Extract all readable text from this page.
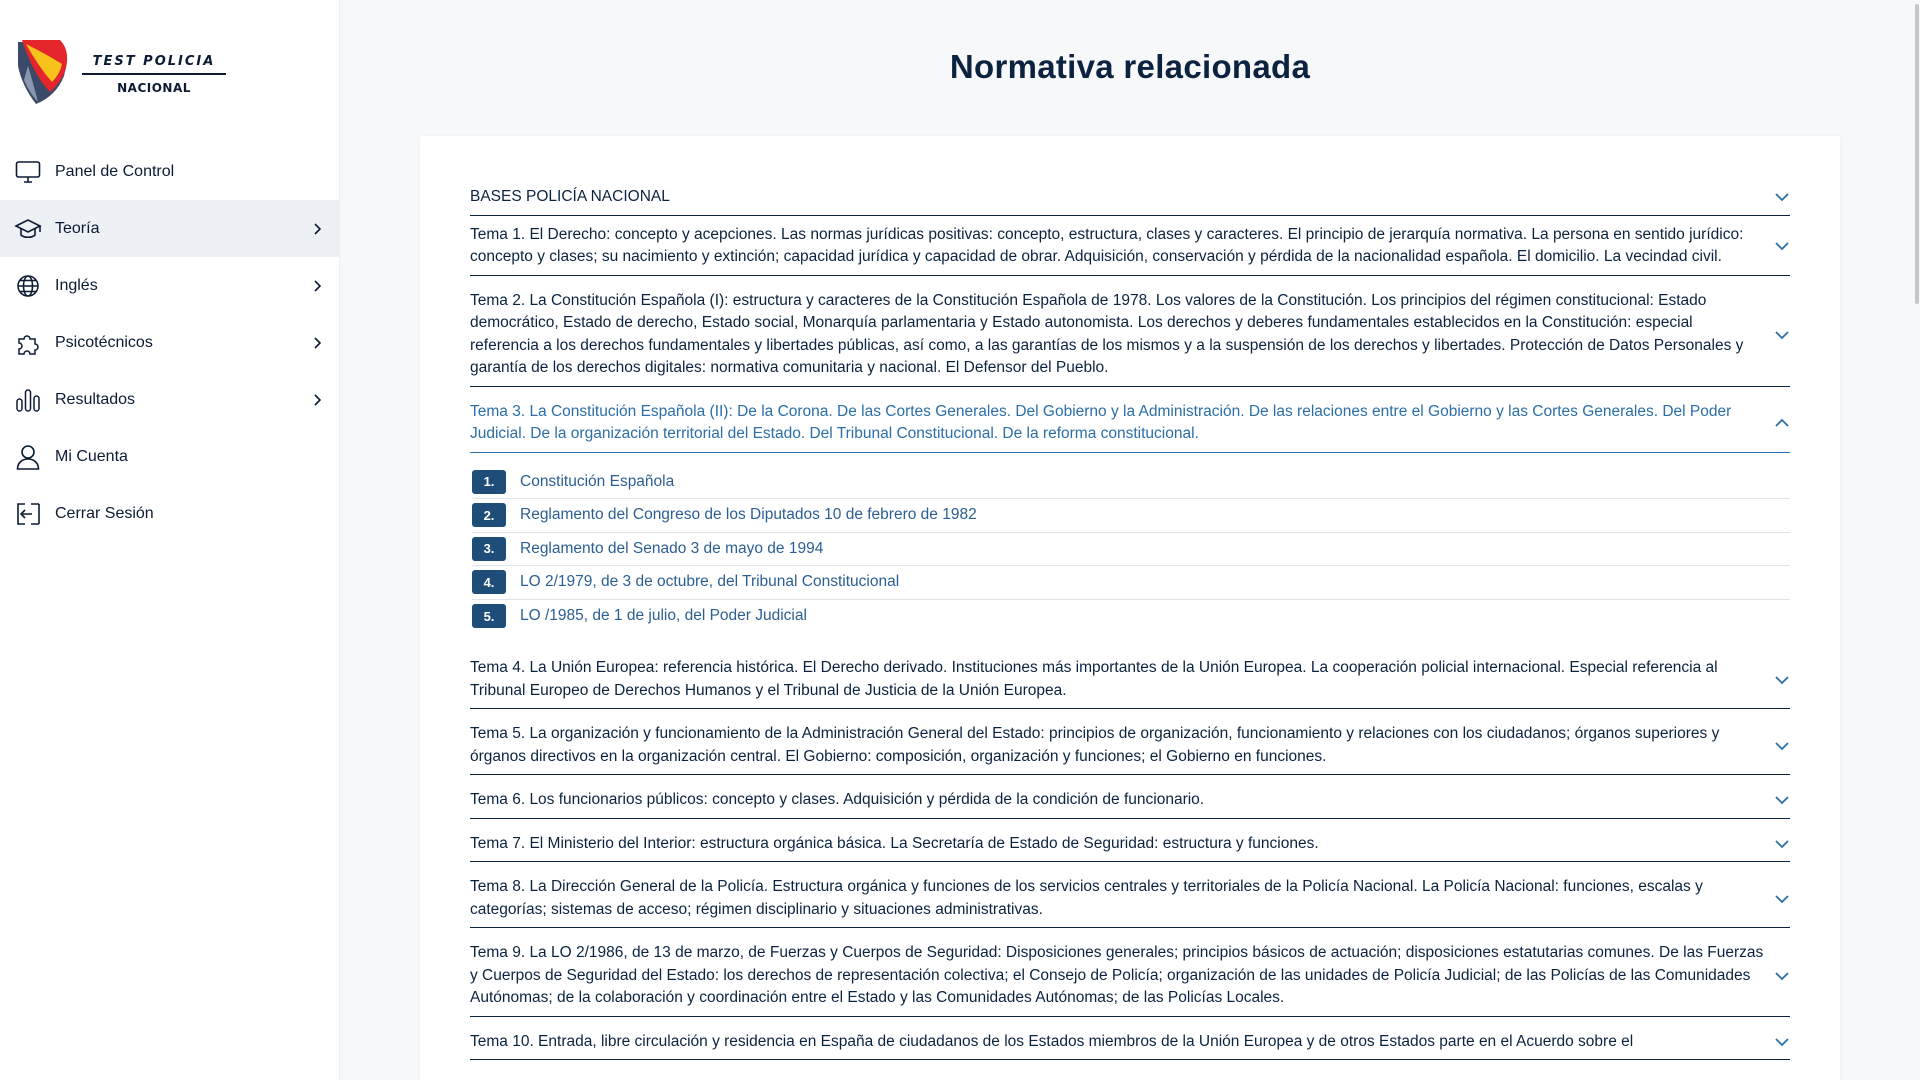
TEST POLICIA
NACIONAL
Panel de Control
Teoría
Inglés
Psicotécnicos
Resultados
Mi Cuenta
Cerrar Sesión
Normativa relacionada
BASES POLICÍA NACIONAL
Tema 1. El Derecho: concepto y acepciones. Las normas jurídicas positivas: concepto, estructura, clases y caracteres. El principio de jerarquía normativa. La persona en sentido jurídico: concepto y clases; su nacimiento y extinción; capacidad jurídica y capacidad de obrar. Adquisición, conservación y pérdida de la nacionalidad española. El domicilio. La vecindad civil.
Tema 2. La Constitución Española (I): estructura y caracteres de la Constitución Española de 1978. Los valores de la Constitución. Los principios del régimen constitucional: Estado democrático, Estado de derecho, Estado social, Monarquía parlamentaria y Estado autonomista. Los derechos y deberes fundamentales establecidos en la Constitución: especial referencia a los derechos fundamentales y libertades públicas, así como, a las garantías de los mismos y a la suspensión de los derechos y libertades. Protección de Datos Personales y garantía de los derechos digitales: normativa comunitaria y nacional. El Defensor del Pueblo.
Tema 3. La Constitución Española (II): De la Corona. De las Cortes Generales. Del Gobierno y la Administración. De las relaciones entre el Gobierno y las Cortes Generales. Del Poder Judicial. De la organización territorial del Estado. Del Tribunal Constitucional. De la reforma constitucional.
1.	Constitución Española
2.	Reglamento del Congreso de los Diputados 10 de febrero de 1982
3.	Reglamento del Senado 3 de mayo de 1994
4.	LO 2/1979, de 3 de octubre, del Tribunal Constitucional
5.	LO /1985, de 1 de julio, del Poder Judicial
Tema 4. La Unión Europea: referencia histórica. El Derecho derivado. Instituciones más importantes de la Unión Europea. La cooperación policial internacional. Especial referencia al Tribunal Europeo de Derechos Humanos y el Tribunal de Justicia de la Unión Europea.
Tema 5. La organización y funcionamiento de la Administración General del Estado: principios de organización, funcionamiento y relaciones con los ciudadanos; órganos superiores y órganos directivos en la organización central. El Gobierno: composición, organización y funciones; el Gobierno en funciones.
Tema 6. Los funcionarios públicos: concepto y clases. Adquisición y pérdida de la condición de funcionario.
Tema 7. El Ministerio del Interior: estructura orgánica básica. La Secretaría de Estado de Seguridad: estructura y funciones.
Tema 8. La Dirección General de la Policía. Estructura orgánica y funciones de los servicios centrales y territoriales de la Policía Nacional. La Policía Nacional: funciones, escalas y categorías; sistemas de acceso; régimen disciplinario y situaciones administrativas.
Tema 9. La LO 2/1986, de 13 de marzo, de Fuerzas y Cuerpos de Seguridad: Disposiciones generales; principios básicos de actuación; disposiciones estatutarias comunes. De las Fuerzas y Cuerpos de Seguridad del Estado: los derechos de representación colectiva; el Consejo de Policía; organización de las unidades de Policía Judicial; de las Policías de las Comunidades Autónomas; de la colaboración y coordinación entre el Estado y las Comunidades Autónomas; de las Policías Locales.
Tema 10. Entrada, libre circulación y residencia en España de ciudadanos de los Estados miembros de la Unión Europea y de otros Estados parte en el Acuerdo sobre el
